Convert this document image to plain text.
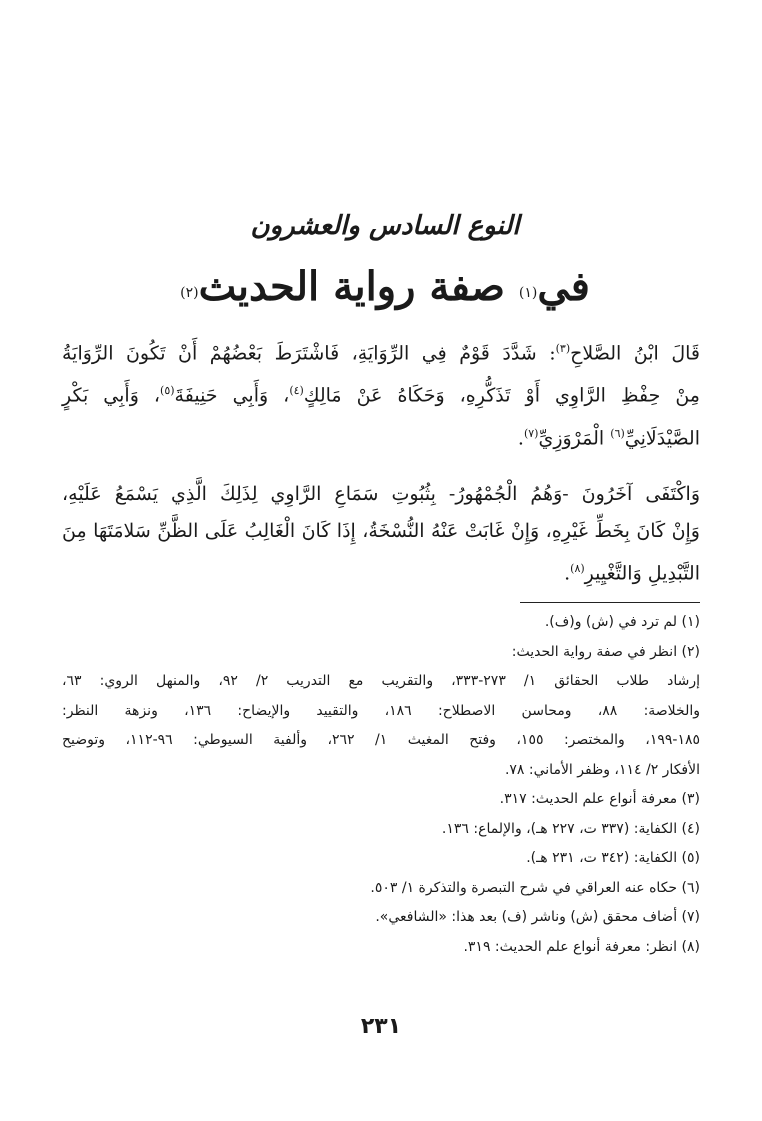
النوع السادس والعشرون
في$^{(١)}$ صفة رواية الحديث$^{(٢)}$
قَالَ ابْنُ الصَّلاحِ$^{(٣)}$: شَدَّدَ قَوْمٌ فِي الرِّوَايَةِ، فَاشْتَرَطَ بَعْضُهُمْ أَنْ تَكُونَ الرِّوَايَةُ
مِنْ حِفْظِ الرَّاوِي أَوْ تَذَكُّرِهِ، وَحَكَاهُ عَنْ مَالِكٍ$^{(٤)}$، وَأَبِي حَنِيفَةَ$^{(٥)}$، وَأَبِي بَكْرٍ
الصَّيْدَلَانِيِّ$^{(٦)}$ الْمَرْوَزِيِّ$^{(٧)}$.
وَاكْتَفَى آخَرُونَ -وَهُمُ الْجُمْهُورُ- بِثُبُوتِ سَمَاعِ الرَّاوِي لِذَلِكَ الَّذِي يَسْمَعُ عَلَيْهِ،
وَإِنْ كَانَ بِخَطِّ غَيْرِهِ، وَإِنْ غَابَتْ عَنْهُ النُّسْخَةُ، إِذَا كَانَ الْغَالِبُ عَلَى الظَّنِّ سَلامَتَهَا مِنَ
التَّبْدِيلِ وَالتَّغْيِيرِ$^{(٨)}$.
(١) لم ترد في (ش) و(ف).
(٢) انظر في صفة رواية الحديث:
إرشاد طلاب الحقائق ١/ ٢٧٣-٣٣٣، والتقريب مع التدريب ٢/ ٩٢، والمنهل الروي: ٦٣،
والخلاصة: ٨٨، ومحاسن الاصطلاح: ١٨٦، والتقييد والإيضاح: ١٣٦، ونزهة النظر:
١٨٥-١٩٩، والمختصر: ١٥٥، وفتح المغيث ١/ ٢٦٢، وألفية السيوطي: ٩٦-١١٢، وتوضيح
الأفكار ٢/ ١١٤، وظفر الأماني: ٧٨.
(٣) معرفة أنواع علم الحديث: ٣١٧.
(٤) الكفاية: (٣٣٧ ت، ٢٢٧ هـ)، والإلماع: ١٣٦.
(٥) الكفاية: (٣٤٢ ت، ٢٣١ هـ).
(٦) حكاه عنه العراقي في شرح التبصرة والتذكرة ١/ ٥٠٣.
(٧) أضاف محقق (ش) وناشر (ف) بعد هذا: «الشافعي».
(٨) انظر: معرفة أنواع علم الحديث: ٣١٩.
٢٣١
